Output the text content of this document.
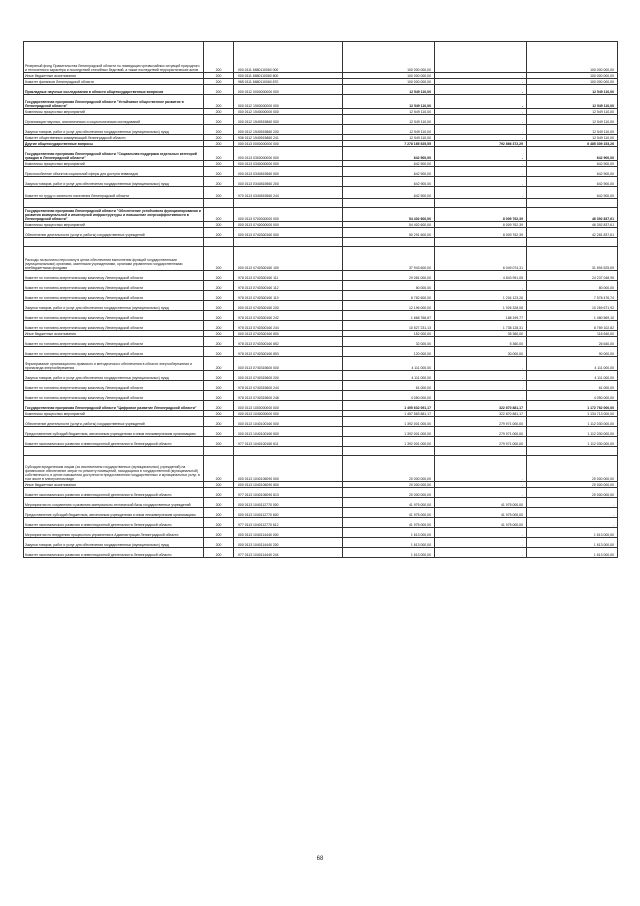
Резервный фонд Правительства Ленинградской области по ликвидации чрезвычайных ситуаций природного и техногенного характера и последствий стихийных бедствий, а также последствий террористических актов	200	000 0111 6880110060 000	100 000 000,00		100 000 000,00
Иные бюджетные ассигнования	200	000 0111 6880110060 800	100 000 000,00	-	100 000 000,00
Комитет финансов Ленинградской области	200	985 0111 6880110060 870	100 000 000,00	-	100 000 000,00
Прикладные научные исследования в области общегосударственных вопросов	200	000 0112 0000000000 000	12 549 110,00	-	12 549 110,00
Государственная программа Ленинградской области "Устойчивое общественное развитие в Ленинградской области"	200	000 0112 1500000000 000	12 549 110,00	-	12 549 110,00
Комплексы процессных мероприятий	200	000 0112 1540000000 000	12 549 110,00	-	12 549 110,00
Организация научных, аналитических и социологических исследований	200	000 0112 1540515860 000	12 549 110,00	-	12 549 110,00
Закупка товаров, работ и услуг для обеспечения государственных (муниципальных) нужд	200	000 0112 1540515860 200	12 549 110,00	-	12 549 110,00
Комитет общественных коммуникаций Ленинградской области	200	936 0112 1540515860 241	12 549 110,00	-	12 549 110,00
Другие общегосударственные вопросы	200	000 0113 0000000000 000	7 278 165 525,55	792 866 372,29	6 485 309 153,26
Государственная программа Ленинградской области "Социальная поддержка отдельных категорий граждан в Ленинградской области"	200	000 0113 0300000000 000	642 900,00	-	642 900,00
Комплексы процессных мероприятий	200	000 0113 0340000000 000	642 900,00	-	642 900,00
Приспособление объектов социальной сферы для доступа инвалидов	200	000 0113 0340815560 000	642 900,00	-	642 900,00
Закупка товаров, работ и услуг для обеспечения государственных (муниципальных) нужд	200	000 0113 0340815560 200	642 900,00	-	642 900,00
Комитет по труду и занятости населения Ленинградской области	200	970 0113 0340815560 244	642 900,00	-	642 900,00

Государственная программа Ленинградской области "Обеспечение устойчивого функционирования и развития коммунальной и инженерной инфраструктуры и повышение энергоэффективности в Ленинградской области"	200	000 0113 0700000000 000	54 402 600,00	8 009 762,39	46 392 837,61
Комплексы процессных мероприятий	200	000 0113 0740000000 000	54 402 600,00	8 009 762,39	46 392 837,61
Обеспечение деятельности (услуги, работы) государственных учреждений	200	000 0113 0740300160 000	50 291 600,00	8 009 762,39	42 281 837,61

Расходы на выплаты персоналу в целях обеспечения выполнения функций государственными (муниципальными) органами, казенными учреждениями, органами управления государственными внебюджетными фондами	200	000 0113 0740300160 100	37 943 600,00	6 049 074,31	31 894 525,69
Комитет по топливно-энергетическому комплексу Ленинградской области	200	978 0113 0740300160 111	29 081 000,00	4 843 951,05	24 237 048,95
Комитет по топливно-энергетическому комплексу Ленинградской области	200	978 0113 0740300160 112	80 000,00	-	80 000,00
Комитет по топливно-энергетическому комплексу Ленинградской области	200	978 0113 0740300160 119	8 782 600,00	1 204 123,26	7 578 476,74
Закупка товаров, работ и услуг для обеспечения государственных (муниципальных) нужд	200	000 0113 0740300160 200	12 196 000,00	1 926 328,08	10 269 671,92
Комитет по топливно-энергетическому комплексу Ленинградской области	200	978 0113 0740300160 242	1 668 768,87	188 199,77	1 480 569,10
Комитет по топливно-энергетическому комплексу Ленинградской области	200	978 0113 0740300160 244	10 527 231,13	1 738 128,31	8 789 102,82
Иные бюджетные ассигнования	200	000 0113 0740300160 800	152 000,00	35 360,00	116 640,00
Комитет по топливно-энергетическому комплексу Ленинградской области	200	978 0113 0740300160 852	32 000,00	5 360,00	26 640,00
Комитет по топливно-энергетическому комплексу Ленинградской области	200	978 0113 0740300160 853	120 000,00	30 000,00	90 000,00
Формирование организационно-правового и методического обеспечения в области энергосбережения и пропаганда энергосбережения	200	000 0113 0740315600 000	4 111 000,00	-	4 111 000,00
Закупка товаров, работ и услуг для обеспечения государственных (муниципальных) нужд	200	000 0113 0740315600 200	4 111 000,00	-	4 111 000,00
Комитет по топливно-энергетическому комплексу Ленинградской области	200	978 0113 0740315600 244	61 000,00	-	61 000,00
Комитет по топливно-энергетическому комплексу Ленинградской области	200	978 0113 0740315600 246	4 050 000,00	-	4 050 000,00
Государственная программа Ленинградской области "Цифровое развитие Ленинградской области"	200	000 0113 1000000000 000	1 495 632 091,17	322 870 881,17	1 172 762 000,00
Комплексы процессных мероприятий	200	000 0113 1040000000 000	1 457 583 881,17	322 870 881,17	1 134 713 000,00
Обеспечение деятельности (услуги, работы) государственных учреждений	200	000 0113 1040100160 000	1 392 001 000,00	279 971 000,00	1 112 030 000,00
Предоставление субсидий бюджетным, автономным учреждениям и иным некоммерческим организациям	200	000 0113 1040100160 600	1 392 001 000,00	279 971 000,00	1 112 030 000,00
Комитет экономического развития и инвестиционной деятельности Ленинградской области	200	977 0113 1040100160 611	1 392 001 000,00	279 971 000,00	1 112 030 000,00

Субсидии юридическим лицам (за исключением государственных (муниципальных) учреждений) на финансовое обеспечение затрат по ремонту помещений, находящихся в государственной (муниципальной) собственности, в целях повышения доступности предоставления государственных и муниципальных услуг, в том числе в электронном виде	200	000 0113 1040106090 000	20 000 000,00	-	20 000 000,00
Иные бюджетные ассигнования	200	000 0113 1040106090 800	20 000 000,00	-	20 000 000,00
Комитет экономического развития и инвестиционной деятельности Ленинградской области	200	977 0113 1040106090 813	20 000 000,00	-	20 000 000,00
Мероприятия по сохранению и развитию материально-технической базы государственных учреждений	200	000 0113 1040112770 000	41 975 000,00	41 975 000,00	-
Предоставление субсидий бюджетным, автономным учреждениям и иным некоммерческим организациям	200	000 0113 1040112770 600	41 975 000,00	41 975 000,00	-
Комитет экономического развития и инвестиционной деятельности Ленинградской области	200	977 0113 1040112770 612	41 975 000,00	41 975 000,00	-
Мероприятия по внедрению процессного управления в Администрации Ленинградской области	200	000 0113 1040114440 000	1 613 000,00	-	1 613 000,00
Закупка товаров, работ и услуг для обеспечения государственных (муниципальных) нужд	200	000 0113 1040114440 200	1 613 000,00	-	1 613 000,00
Комитет экономического развития и инвестиционной деятельности Ленинградской области	200	977 0113 1040114440 244	1 613 000,00	-	1 613 000,00
68
